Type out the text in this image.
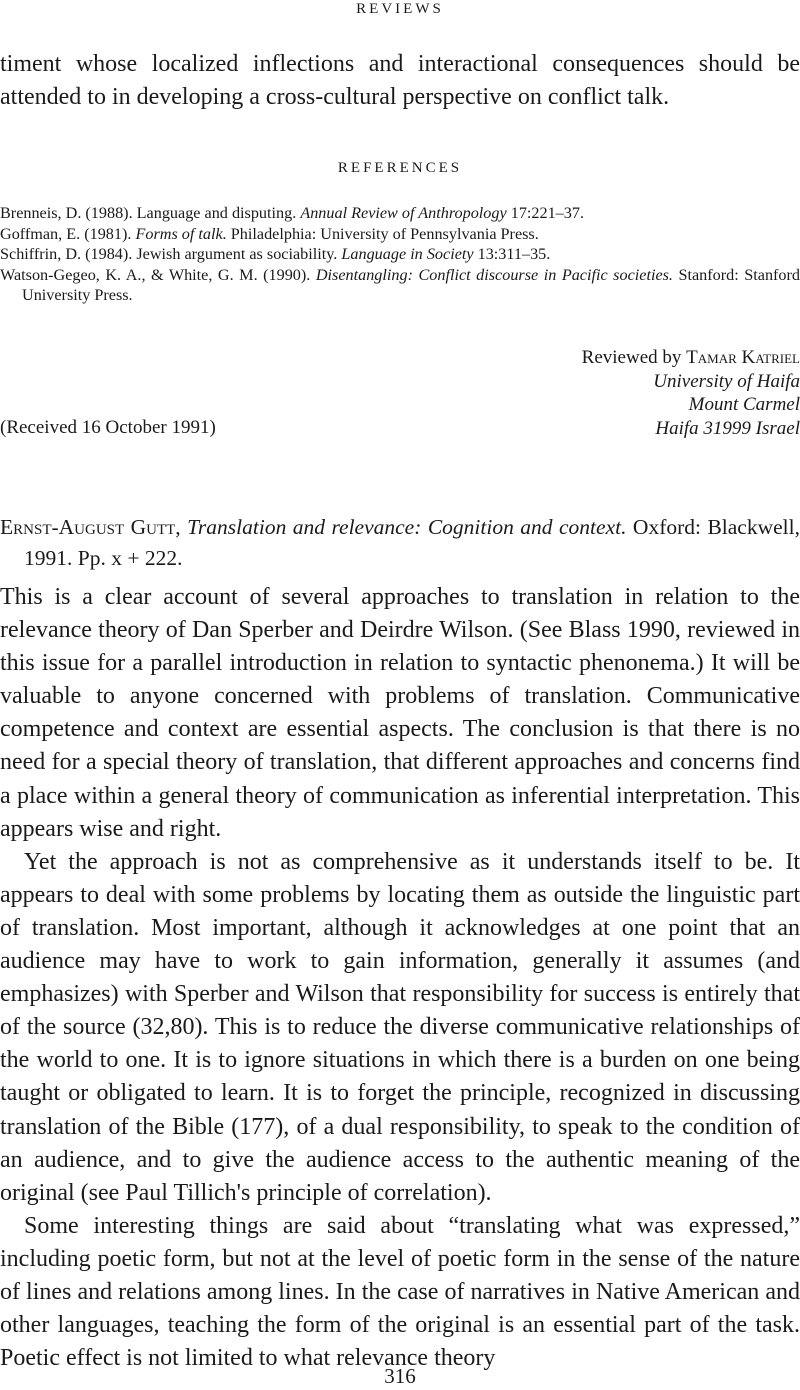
REVIEWS
timent whose localized inflections and interactional consequences should be attended to in developing a cross-cultural perspective on conflict talk.
REFERENCES
Brenneis, D. (1988). Language and disputing. Annual Review of Anthropology 17:221–37.
Goffman, E. (1981). Forms of talk. Philadelphia: University of Pennsylvania Press.
Schiffrin, D. (1984). Jewish argument as sociability. Language in Society 13:311–35.
Watson-Gegeo, K. A., & White, G. M. (1990). Disentangling: Conflict discourse in Pacific societies. Stanford: Stanford University Press.
Reviewed by Tamar Katriel
University of Haifa
Mount Carmel
Haifa 31999 Israel
(Received 16 October 1991)
Ernst-August Gutt, Translation and relevance: Cognition and context. Oxford: Blackwell, 1991. Pp. x + 222.

This is a clear account of several approaches to translation in relation to the relevance theory of Dan Sperber and Deirdre Wilson. (See Blass 1990, reviewed in this issue for a parallel introduction in relation to syntactic phenonema.) It will be valuable to anyone concerned with problems of translation. Communicative competence and context are essential aspects. The conclusion is that there is no need for a special theory of translation, that different approaches and concerns find a place within a general theory of communication as inferential interpretation. This appears wise and right.

Yet the approach is not as comprehensive as it understands itself to be. It appears to deal with some problems by locating them as outside the linguistic part of translation. Most important, although it acknowledges at one point that an audience may have to work to gain information, generally it assumes (and emphasizes) with Sperber and Wilson that responsibility for success is entirely that of the source (32,80). This is to reduce the diverse communicative relationships of the world to one. It is to ignore situations in which there is a burden on one being taught or obligated to learn. It is to forget the principle, recognized in discussing translation of the Bible (177), of a dual responsibility, to speak to the condition of an audience, and to give the audience access to the authentic meaning of the original (see Paul Tillich's principle of correlation).

Some interesting things are said about “translating what was expressed,” including poetic form, but not at the level of poetic form in the sense of the nature of lines and relations among lines. In the case of narratives in Native American and other languages, teaching the form of the original is an essential part of the task. Poetic effect is not limited to what relevance theory

316
